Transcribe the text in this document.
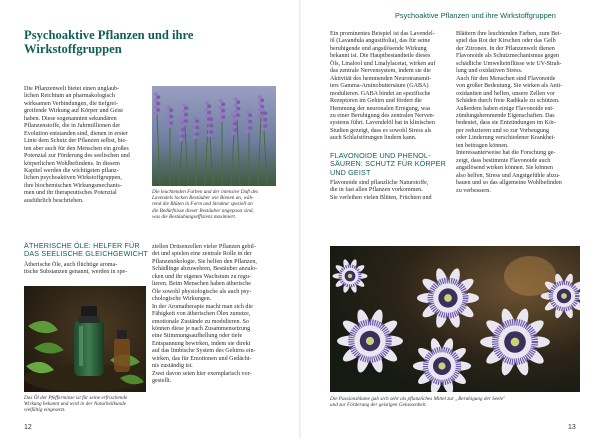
Psychoaktive Pflanzen und ihre Wirkstoffgruppen
Psychoaktive Pflanzen und ihre
Wirkstoffgruppen
Die Pflanzenwelt bietet einen unglaub-
lichen Reichtum an pharmakologisch
wirksamen Verbindungen, die tiefgrei-
greifende Wirkung auf Körper und Geist
haben. Diese sogenannten sekundären
Pflanzenstoffe, die in Jahrmillionen der
Evolution entstanden sind, dienen in erster
Linie dem Schutz der Pflanzen selbst, bie-
ten aber auch für den Menschen ein großes
Potenzial zur Förderung des seelischen und
körperlichen Wohlbefindens. In diesem
Kapitel werden die wichtigsten pflanz-
lichen psychoaktiven Wirkstoffgruppen,
ihre biochemischen Wirkungsmechanis-
men und ihr therapeutisches Potenzial
ausführlich beschrieben.
Die leuchtenden Farben und der intensive Duft des
Lavendels locken Bestäuber wie Bienen an, wäh-
rend die Blüten in Form und Struktur speziell an
die Bedürfnisse dieser Bestäuber angepasst sind,
was die Bestäubungseffizienz maximiert.
ÄTHERISCHE ÖLE: HELFER FÜR
DAS SEELISCHE GLEICHGEWICHT
Ätherische Öle, auch flüchtige aroma-
tische Substanzen genannt, werden in spe-
Das Öl der Pfefferminze ist für seine erfrischende
Wirkung bekannt und wird in der Naturheilkunde
vielfältig eingesetzt.
ziellen Drüsenzellen vieler Pflanzen gebil-
det und spielen eine zentrale Rolle in der
Pflanzenökologie. Sie helfen den Pflanzen,
Schädlinge abzuwehren, Bestäuber anzulo-
cken und ihr eigenes Wachstum zu regu-
lieren. Beim Menschen haben ätherische
Öle sowohl physiologische als auch psy-
chologische Wirkungen.
In der Aromatherapie macht man sich die
Fähigkeit von ätherischen Ölen zunutze,
emotionale Zustände zu modulieren. So
können diese je nach Zusammensetzung
eine Stimmungsaufhellung oder tiefe
Entspannung bewirken, indem sie direkt
auf das limbische System des Gehirns ein-
wirken, das für Emotionen und Gedächt-
nis zuständig ist.
Zwei davon seien hier exemplarisch vor-
gestellt.
12
Ein prominentes Beispiel ist das Lavendel-
öl (Lavandula angustifolia), das für seine
beruhigende und angstlösende Wirkung
bekannt ist. Die Hauptbestandteile dieses
Öls, Linalool und Linalylacetat, wirken auf
das zentrale Nervensystem, indem sie die
Aktivität des hemmenden Neurotransmit-
ters Gamma-Aminobuttersäure (GABA)
modulieren. GABA bindet an spezifische
Rezeptoren im Gehirn und fördert die
Hemmung der neuronalen Erregung, was
zu einer Beruhigung des zentralen Nerven-
systems führt. Lavendelöl hat in klinischen
Studien gezeigt, dass es sowohl Stress als
auch Schlafstörungen lindern kann.
FLAVONOIDE UND PHENOL-
SÄUREN: SCHUTZ FÜR KÖRPER
UND GEIST
Flavonoide sind pflanzliche Naturstoffe,
die in fast allen Pflanzen vorkommen.
Sie verleihen vielen Blüten, Früchten und
Blättern ihre leuchtenden Farben, zum Bei-
spiel das Rot der Kirschen oder das Gelb
der Zitronen. In der Pflanzenwelt dienen
Flavonoide als Schutzmechanismus gegen
schädliche Umwelteinflüsse wie UV-Strah-
lung und oxidativen Stress.
Auch für den Menschen sind Flavonoide
von großer Bedeutung. Sie wirken als Anti-
oxidantien und helfen, unsere Zellen vor
Schäden durch freie Radikale zu schützen.
Außerdem haben einige Flavonoide ent-
zündungshemmende Eigenschaften. Das
bedeutet, dass sie Entzündungen im Kör-
per reduzieren und so zur Vorbeugung
oder Linderung verschiedener Krankhei-
ten beitragen können.
Interessanterweise hat die Forschung ge-
zeigt, dass bestimmte Flavonoide auch
angstlösend wirken können. Sie können
also helfen, Stress und Angstgefühle abzu-
bauen und so das allgemeine Wohlbefinden
zu verbessern.
Die Passionsblume gab sich sehr als pflanzliches Mittel zur „Beruhigung der Seele"
und zur Förderung der geistigen Gelassenheit.
13
